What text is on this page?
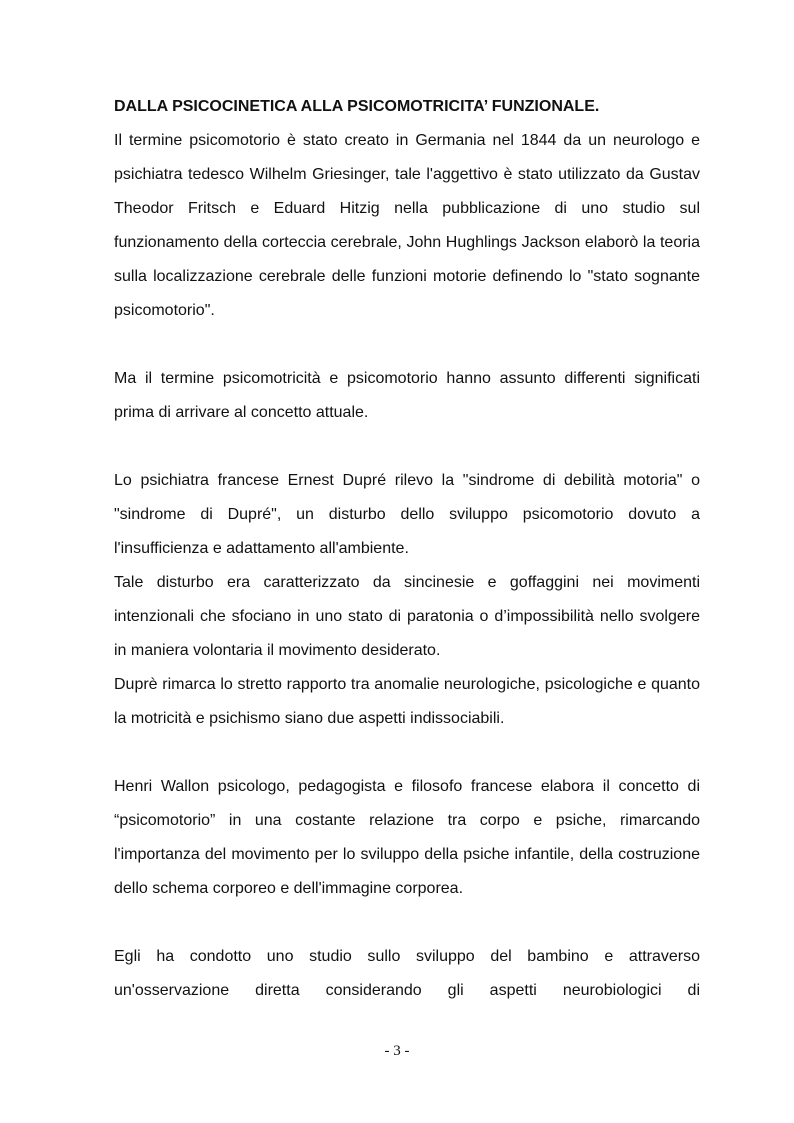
DALLA PSICOCINETICA ALLA PSICOMOTRICITA’ FUNZIONALE.

Il termine psicomotorio è stato creato in Germania nel 1844 da un neurologo e psichiatra tedesco Wilhelm Griesinger, tale l'aggettivo è stato utilizzato da Gustav Theodor Fritsch e Eduard Hitzig nella pubblicazione di uno studio sul funzionamento della corteccia cerebrale, John Hughlings Jackson elaborò la teoria sulla localizzazione cerebrale delle funzioni motorie definendo lo "stato sognante psicomotorio".

Ma il termine psicomotricità e psicomotorio hanno assunto differenti significati prima di arrivare al concetto attuale.

Lo psichiatra francese Ernest Dupré rilevo la "sindrome di debilità motoria" o "sindrome di Dupré", un disturbo dello sviluppo psicomotorio dovuto a l'insufficienza e adattamento all'ambiente.

Tale disturbo era caratterizzato da sincinesie e goffaggini nei movimenti intenzionali che sfociano in uno stato di paratonia o d’impossibilità nello svolgere in maniera volontaria il movimento desiderato.

Duprè rimarca lo stretto rapporto tra anomalie neurologiche, psicologiche e quanto la motricità e psichismo siano due aspetti indissociabili.

Henri Wallon psicologo, pedagogista e filosofo francese elabora il concetto di “psicomotorio” in una costante relazione tra corpo e psiche, rimarcando l'importanza del movimento per lo sviluppo della psiche infantile, della costruzione dello schema corporeo e dell'immagine corporea.

Egli ha condotto uno studio sullo sviluppo del bambino e attraverso un'osservazione diretta considerando gli aspetti neurobiologici di

- 3 -
